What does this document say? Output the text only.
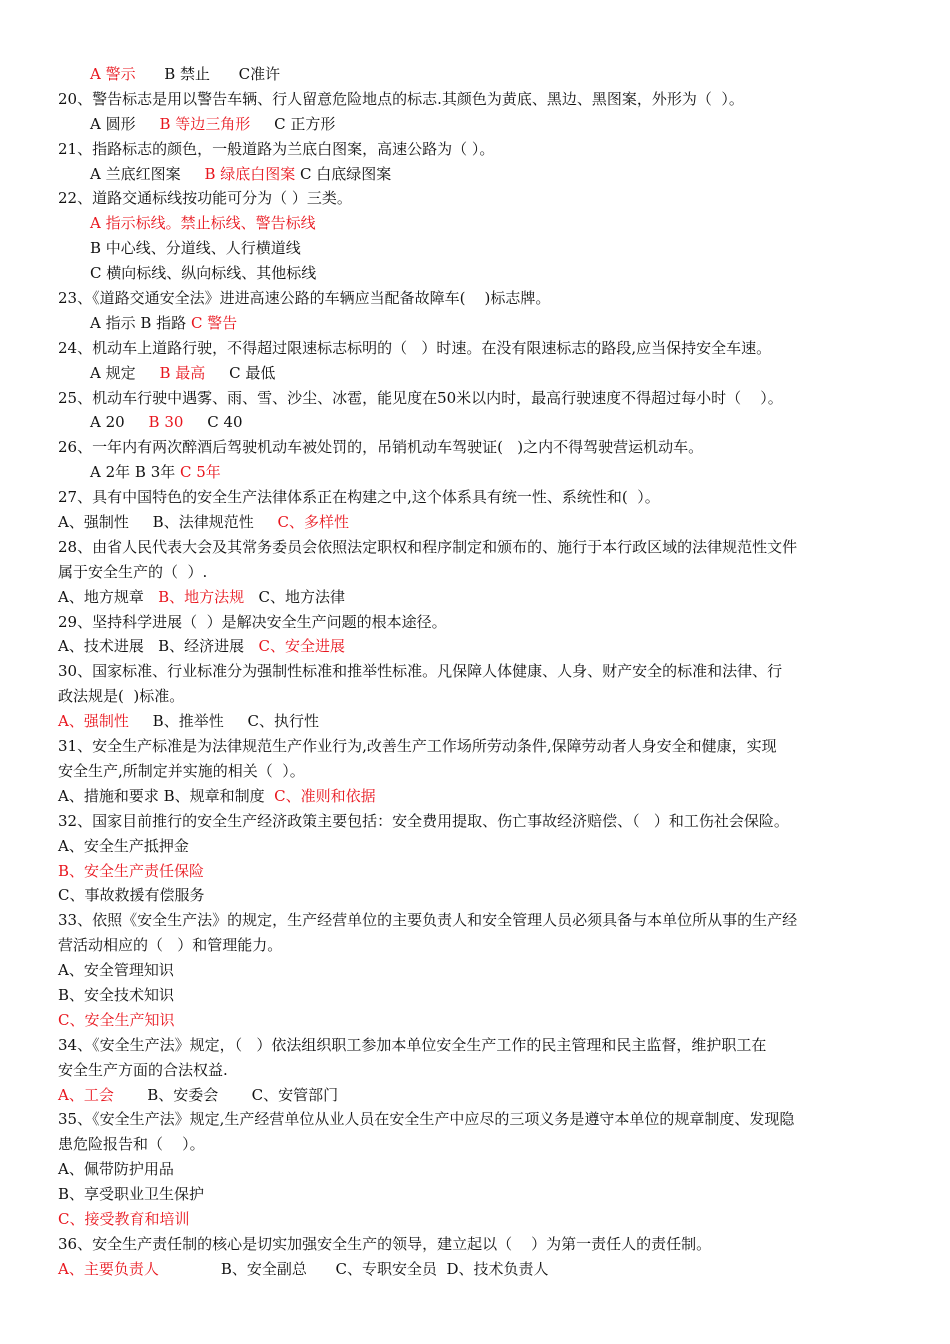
A 警示      B 禁止      C准许
20、警告标志是用以警告车辆、行人留意危险地点的标志.其颜色为黄底、黑边、黑图案，外形为（  ）。
A 圆形     B 等边三角形     C 正方形
21、指路标志的颜色，一般道路为兰底白图案，高速公路为（ ）。
A 兰底红图案     B 绿底白图案 C 白底绿图案
22、道路交通标线按功能可分为（ ）三类。
A 指示标线。禁止标线、警告标线
B 中心线、分道线、人行横道线
C 横向标线、纵向标线、其他标线
23、《道路交通安全法》进进高速公路的车辆应当配备故障车(    )标志牌。
A 指示 B 指路 C 警告
24、机动车上道路行驶，不得超过限速标志标明的（   ）时速。在没有限速标志的路段,应当保持安全车速。
A 规定     B 最高     C 最低
25、机动车行驶中遇雾、雨、雪、沙尘、冰雹，能见度在50米以内时，最高行驶速度不得超过每小时（    ）。
A 20     B 30     C 40
26、一年内有两次醉酒后驾驶机动车被处罚的，吊销机动车驾驶证(   )之内不得驾驶营运机动车。
A 2年 B 3年 C 5年
27、具有中国特色的安全生产法律体系正在构建之中,这个体系具有统一性、系统性和(  ）。
A、强制性     B、法律规范性     C、多样性
28、由省人民代表大会及其常务委员会依照法定职权和程序制定和颁布的、施行于本行政区域的法律规范性文件
属于安全生产的（  ）.
A、地方规章   B、地方法规   C、地方法律
29、坚持科学进展（  ）是解决安全生产问题的根本途径。
A、技术进展   B、经济进展   C、安全进展
30、国家标准、行业标准分为强制性标准和推举性标准。凡保障人体健康、人身、财产安全的标准和法律、行
政法规是(  )标准。
A、强制性     B、推举性     C、执行性
31、安全生产标准是为法律规范生产作业行为,改善生产工作场所劳动条件,保障劳动者人身安全和健康，实现
安全生产,所制定并实施的相关（  ）。
A、措施和要求 B、规章和制度  C、准则和依据
32、国家目前推行的安全生产经济政策主要包括：安全费用提取、伤亡事故经济赔偿、（   ）和工伤社会保险。
A、安全生产抵押金
B、安全生产责任保险
C、事故救援有偿服务
33、依照《安全生产法》的规定，生产经营单位的主要负责人和安全管理人员必须具备与本单位所从事的生产经
营活动相应的（   ）和管理能力。
A、安全管理知识
B、安全技术知识
C、安全生产知识
34、《安全生产法》规定，（   ）依法组织职工参加本单位安全生产工作的民主管理和民主监督，维护职工在
安全生产方面的合法权益.
A、工会       B、安委会       C、安管部门
35、《安全生产法》规定,生产经营单位从业人员在安全生产中应尽的三项义务是遵守本单位的规章制度、发现隐
患危险报告和（    ）。
A、佩带防护用品
B、享受职业卫生保护
C、接受教育和培训
36、安全生产责任制的核心是切实加强安全生产的领导，建立起以（    ）为第一责任人的责任制。
A、主要负责人             B、安全副总      C、专职安全员  D、技术负责人
